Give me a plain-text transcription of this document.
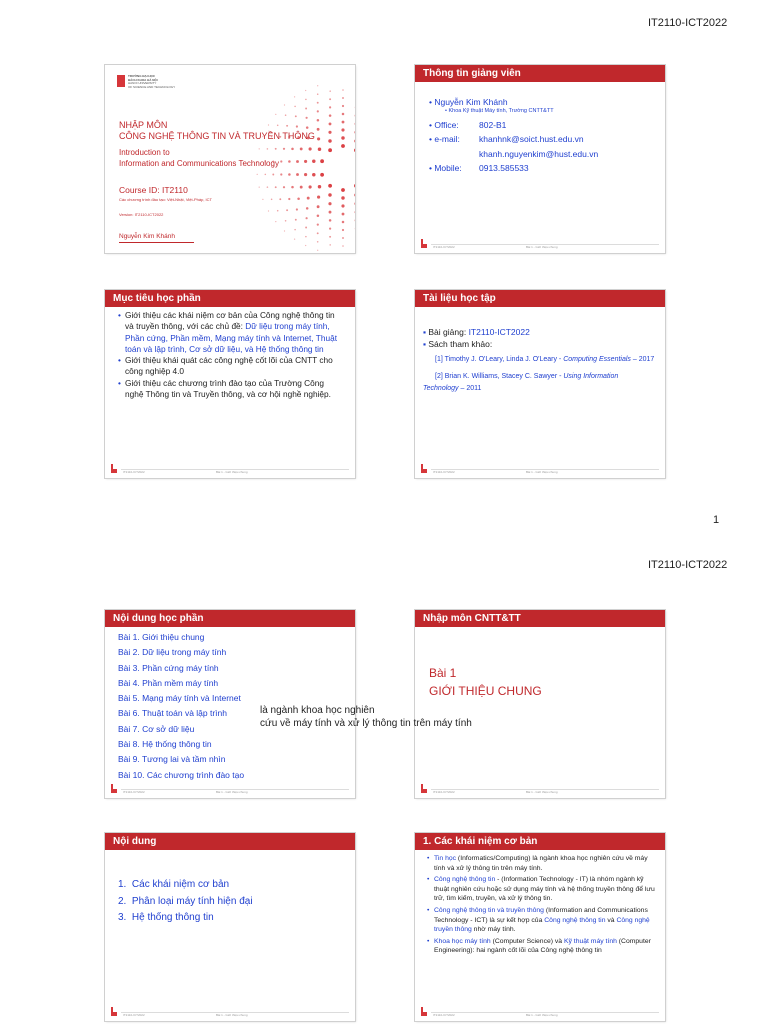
IT2110-ICT2022
1
IT2110-ICT2022
TRƯỜNG ĐẠI HỌC
BÁCH KHOA HÀ NỘI
HANOI UNIVERSITY
OF SCIENCE AND TECHNOLOGY
NHẬP MÔN
CÔNG NGHỆ THÔNG TIN VÀ TRUYỀN THÔNG
Introduction to
Information and Communications Technology
Course ID: IT2110
Các chương trình đào tạo: Việt-Nhật, Việt-Pháp, ICT
Version: IT2110-ICT2022
Nguyễn Kim Khánh
Thông tin giảng viên
• Nguyễn Kim Khánh
• Khoa Kỹ thuật Máy tính, Trường CNTT&TT
• Office: 802-B1
• e-mail: khanhnk@soict.hust.edu.vn
khanh.nguyenkim@hust.edu.vn
• Mobile: 0913.585533
IT2110-ICT2022	Bài 1 - Giới thiệu chung
Mục tiêu học phần
• Giới thiệu các khái niệm cơ bản của Công nghệ thông tin và truyền thông, với các chủ đề: Dữ liệu trong máy tính, Phần cứng, Phần mềm, Mạng máy tính và Internet, Thuật toán và lập trình, Cơ sở dữ liệu, và Hệ thống thông tin
• Giới thiệu khái quát các công nghệ cốt lõi của CNTT cho công nghiệp 4.0
• Giới thiệu các chương trình đào tạo của Trường Công nghệ Thông tin và Truyền thông, và cơ hội nghề nghiệp.
IT2110-ICT2022	Bài 1 - Giới thiệu chung
Tài liệu học tập
▪ Bài giảng: IT2110-ICT2022
▪ Sách tham khảo:
[1] Timothy J. O'Leary, Linda J. O'Leary - Computing Essentials – 2017
[2] Brian K. Williams, Stacey C. Sawyer - Using Information Technology – 2011
IT2110-ICT2022	Bài 1 - Giới thiệu chung
Nội dung học phần
Bài 1. Giới thiệu chung
Bài 2. Dữ liệu trong máy tính
Bài 3. Phần cứng máy tính
Bài 4. Phần mềm máy tính
Bài 5. Mạng máy tính và Internet
Bài 6. Thuật toán và lập trình
Bài 7. Cơ sở dữ liệu
Bài 8. Hệ thống thông tin
Bài 9. Tương lai và tầm nhìn
Bài 10. Các chương trình đào tạo
IT2110-ICT2022	Bài 1 - Giới thiệu chung
Nhập môn CNTT&TT
Bài 1
GIỚI THIỆU CHUNG
IT2110-ICT2022	Bài 1 - Giới thiệu chung
là ngành khoa học nghiên
cứu về máy tính và xử lý thông tin trên máy tính
Nội dung
1.  Các khái niệm cơ bản
2.  Phân loại máy tính hiện đại
3.  Hệ thống thông tin
IT2110-ICT2022	Bài 1 - Giới thiệu chung
1. Các khái niệm cơ bản
• Tin học (Informatics/Computing) là ngành khoa học nghiên cứu về máy tính và xử lý thông tin trên máy tính.
• Công nghệ thông tin - (Information Technology - IT) là nhóm ngành kỹ thuật nghiên cứu hoặc sử dụng máy tính và hệ thống truyền thông để lưu trữ, tìm kiếm, truyền, và xử lý thông tin.
• Công nghệ thông tin và truyền thông (Information and Communications Technology - ICT) là sự kết hợp của Công nghệ thông tin và Công nghệ truyền thông nhờ máy tính.
• Khoa học máy tính (Computer Science) và Kỹ thuật máy tính (Computer Engineering): hai ngành cốt lõi của Công nghệ thông tin
IT2110-ICT2022	Bài 1 - Giới thiệu chung
